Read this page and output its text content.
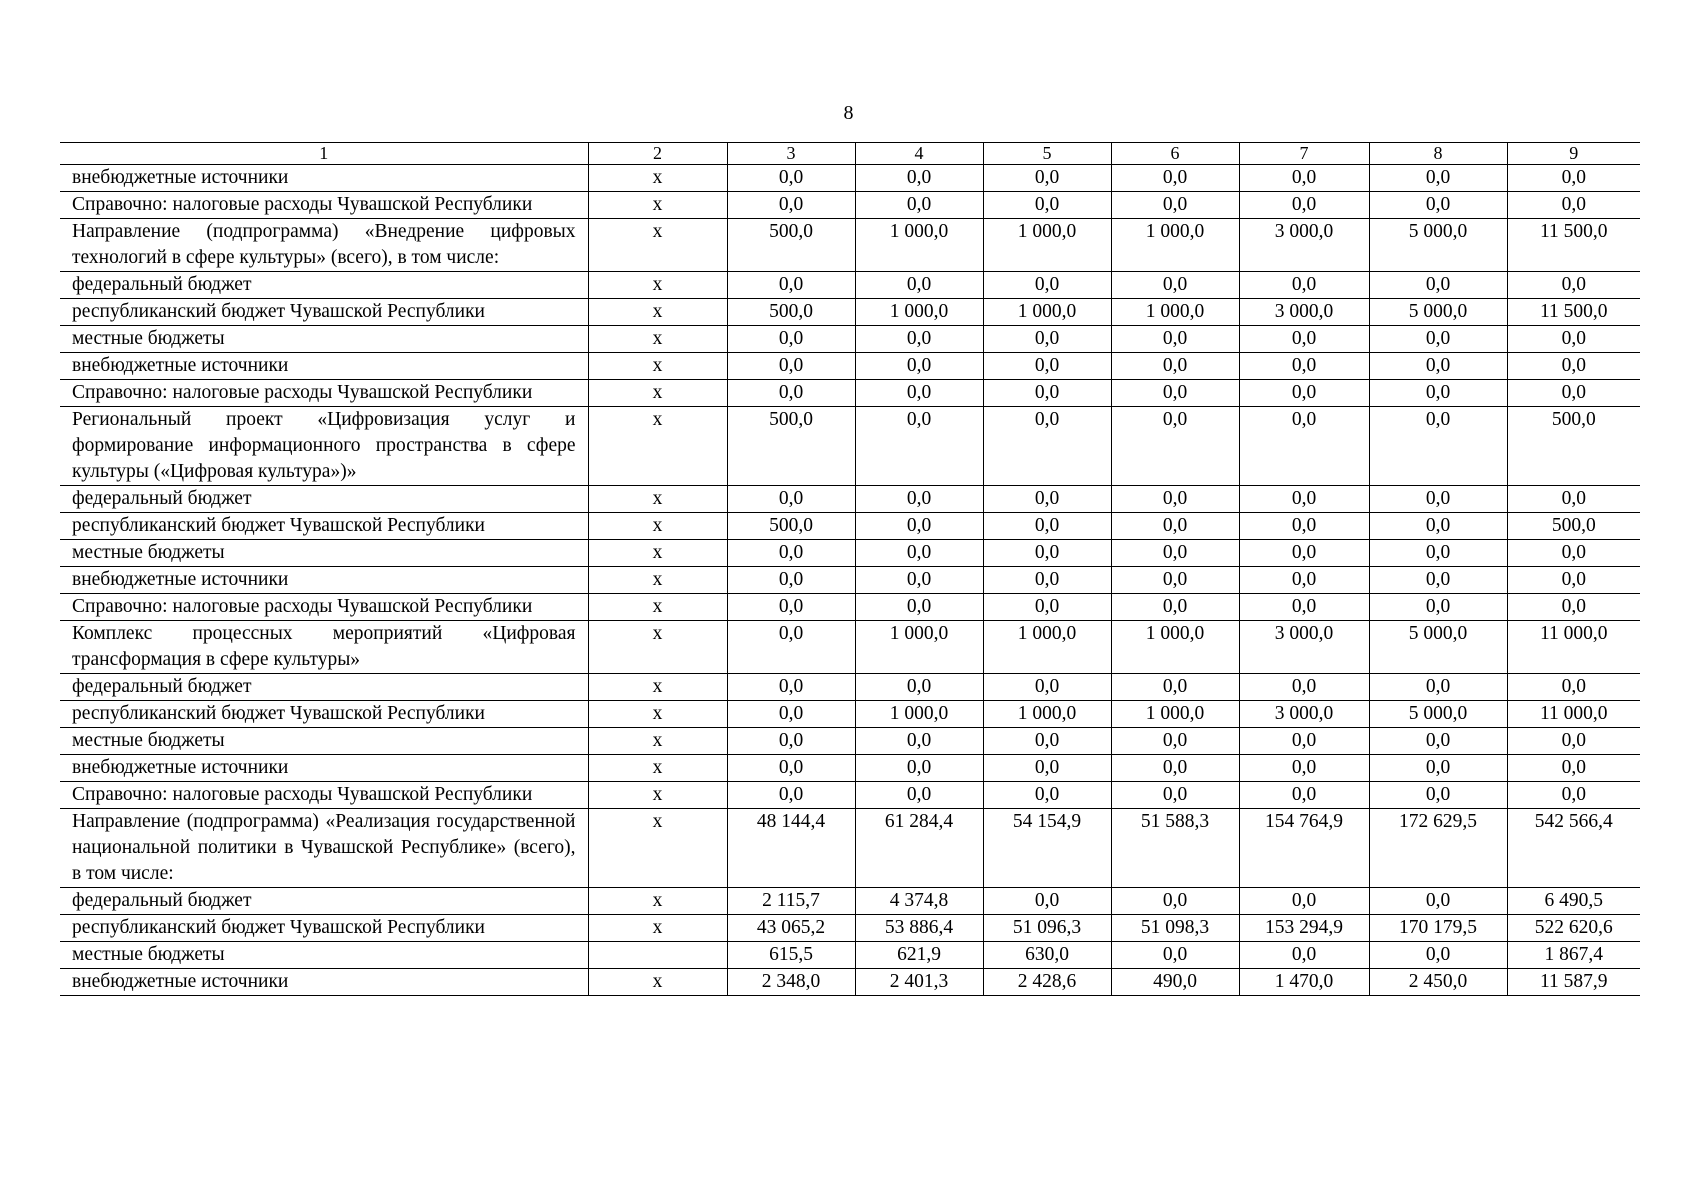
8
1	2	3	4	5	6	7	8	9
внебюджетные источники	x	0,0	0,0	0,0	0,0	0,0	0,0	0,0
Справочно: налоговые расходы Чувашской Республики	x	0,0	0,0	0,0	0,0	0,0	0,0	0,0
Направление (подпрограмма) «Внедрение цифровых технологий в сфере культуры» (всего), в том числе:	x	500,0	1 000,0	1 000,0	1 000,0	3 000,0	5 000,0	11 500,0
федеральный бюджет	x	0,0	0,0	0,0	0,0	0,0	0,0	0,0
республиканский бюджет Чувашской Республики	x	500,0	1 000,0	1 000,0	1 000,0	3 000,0	5 000,0	11 500,0
местные бюджеты	x	0,0	0,0	0,0	0,0	0,0	0,0	0,0
внебюджетные источники	x	0,0	0,0	0,0	0,0	0,0	0,0	0,0
Справочно: налоговые расходы Чувашской Республики	x	0,0	0,0	0,0	0,0	0,0	0,0	0,0
Региональный проект «Цифровизация услуг и формирование информационного пространства в сфере культуры («Цифровая культура»)»	x	500,0	0,0	0,0	0,0	0,0	0,0	500,0
федеральный бюджет	x	0,0	0,0	0,0	0,0	0,0	0,0	0,0
республиканский бюджет Чувашской Республики	x	500,0	0,0	0,0	0,0	0,0	0,0	500,0
местные бюджеты	x	0,0	0,0	0,0	0,0	0,0	0,0	0,0
внебюджетные источники	x	0,0	0,0	0,0	0,0	0,0	0,0	0,0
Справочно: налоговые расходы Чувашской Республики	x	0,0	0,0	0,0	0,0	0,0	0,0	0,0
Комплекс процессных мероприятий «Цифровая трансформация в сфере культуры»	x	0,0	1 000,0	1 000,0	1 000,0	3 000,0	5 000,0	11 000,0
федеральный бюджет	x	0,0	0,0	0,0	0,0	0,0	0,0	0,0
республиканский бюджет Чувашской Республики	x	0,0	1 000,0	1 000,0	1 000,0	3 000,0	5 000,0	11 000,0
местные бюджеты	x	0,0	0,0	0,0	0,0	0,0	0,0	0,0
внебюджетные источники	x	0,0	0,0	0,0	0,0	0,0	0,0	0,0
Справочно: налоговые расходы Чувашской Республики	x	0,0	0,0	0,0	0,0	0,0	0,0	0,0
Направление (подпрограмма) «Реализация государственной национальной политики в Чувашской Республике» (всего), в том числе:	x	48 144,4	61 284,4	54 154,9	51 588,3	154 764,9	172 629,5	542 566,4
федеральный бюджет	x	2 115,7	4 374,8	0,0	0,0	0,0	0,0	6 490,5
республиканский бюджет Чувашской Республики	x	43 065,2	53 886,4	51 096,3	51 098,3	153 294,9	170 179,5	522 620,6
местные бюджеты		615,5	621,9	630,0	0,0	0,0	0,0	1 867,4
внебюджетные источники	x	2 348,0	2 401,3	2 428,6	490,0	1 470,0	2 450,0	11 587,9
